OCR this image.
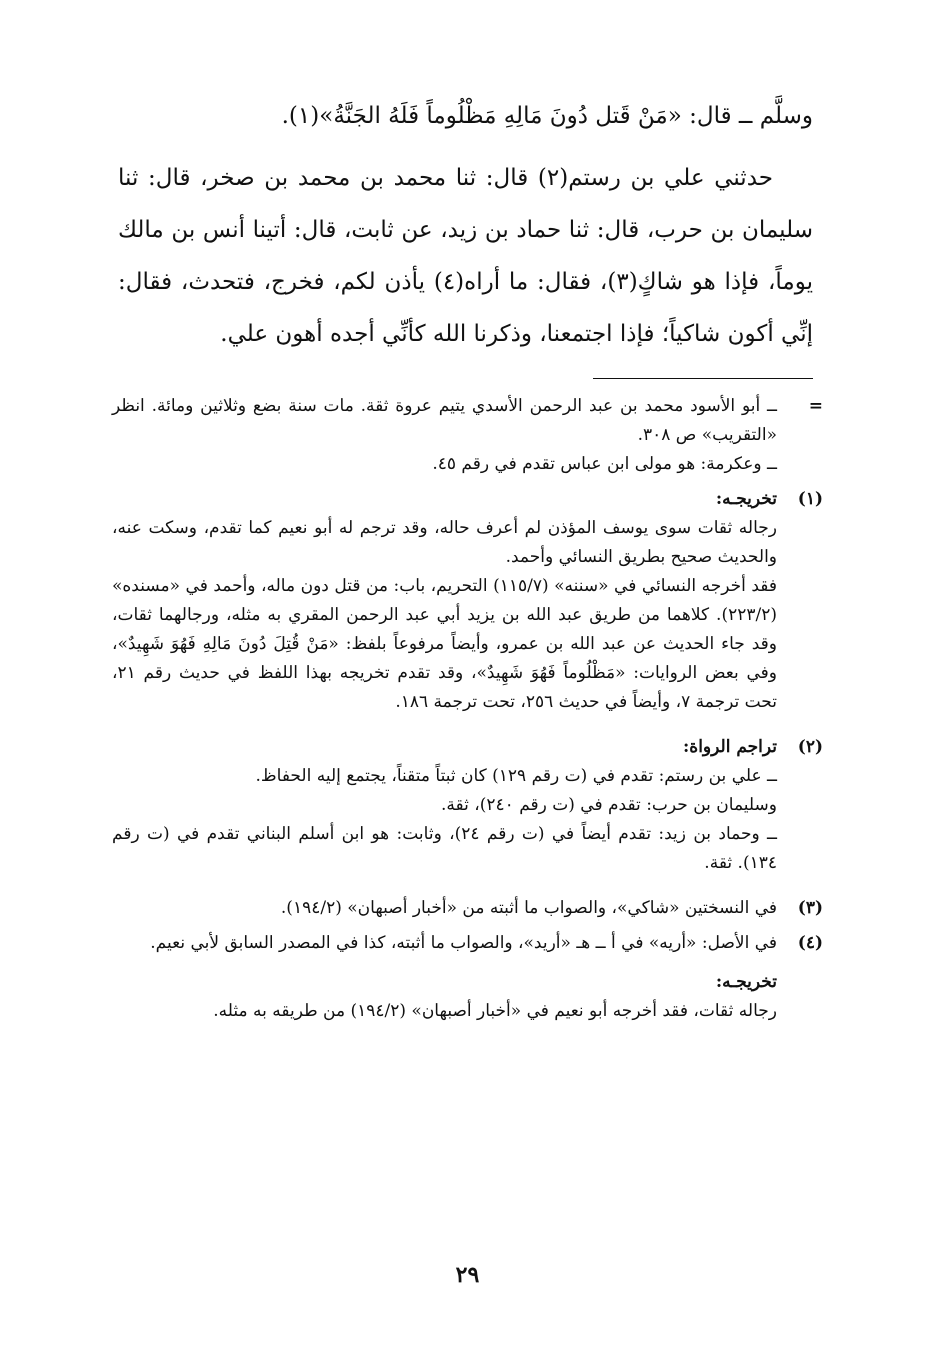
وسلَّم ــ قال: «مَنْ قَتل دُونَ مَالِهِ مَظْلُوماً فَلَهُ الجَنَّةُ»(١).

حدثني علي بن رستم(٢) قال: ثنا محمد بن محمد بن صخر، قال: ثنا سليمان بن حرب، قال: ثنا حماد بن زيد، عن ثابت، قال: أتينا أنس بن مالك يوماً، فإذا هو شاكٍ(٣)، فقال: ما أراه(٤) يأذن لكم، فخرج، فتحدث، فقال: إنِّي أكون شاكياً؛ فإذا اجتمعنا، وذكرنا الله كأنِّي أجده أهون علي.

=

ــ أبو الأسود محمد بن عبد الرحمن الأسدي يتيم عروة ثقة. مات سنة بضع وثلاثين ومائة. انظر «التقريب» ص ٣٠٨.

ــ وعكرمة: هو مولى ابن عباس تقدم في رقم ٤٥.

(١)

تخريجـه:

رجاله ثقات سوى يوسف المؤذن لم أعرف حاله، وقد ترجم له أبو نعيم كما تقدم، وسكت عنه، والحديث صحيح بطريق النسائي وأحمد.

فقد أخرجه النسائي في «سننه» (١١٥/٧) التحريم، باب: من قتل دون ماله، وأحمد في «مسنده» (٢٢٣/٢). كلاهما من طريق عبد الله بن يزيد أبي عبد الرحمن المقري به مثله، ورجالهما ثقات، وقد جاء الحديث عن عبد الله بن عمرو، وأيضاً مرفوعاً بلفظ: «مَنْ قُتِلَ دُونَ مَالِهِ فَهُوَ شَهِيدٌ»، وفي بعض الروايات: «مَظْلُوماً فَهُوَ شَهِيدٌ»، وقد تقدم تخريجه بهذا اللفظ في حديث رقم ٢١، تحت ترجمة ٧، وأيضاً في حديث ٢٥٦، تحت ترجمة ١٨٦.

(٢)

تراجم الرواة:

ــ علي بن رستم: تقدم في (ت رقم ١٢٩) كان ثبتاً متقناً، يجتمع إليه الحفاظ.

وسليمان بن حرب: تقدم في (ت رقم ٢٤٠)، ثقة.

ــ وحماد بن زيد: تقدم أيضاً في (ت رقم ٢٤)، وثابت: هو ابن أسلم البناني تقدم في (ت رقم ١٣٤). ثقة.

(٣)

في النسختين «شاكي»، والصواب ما أثبته من «أخبار أصبهان» (١٩٤/٢).

(٤)

في الأصل: «أريه» في أ ــ هـ «أريد»، والصواب ما أثبته، كذا في المصدر السابق لأبي نعيم.

تخريجـه:

رجاله ثقات، فقد أخرجه أبو نعيم في «أخبار أصبهان» (١٩٤/٢) من طريقه به مثله.

٢٩
